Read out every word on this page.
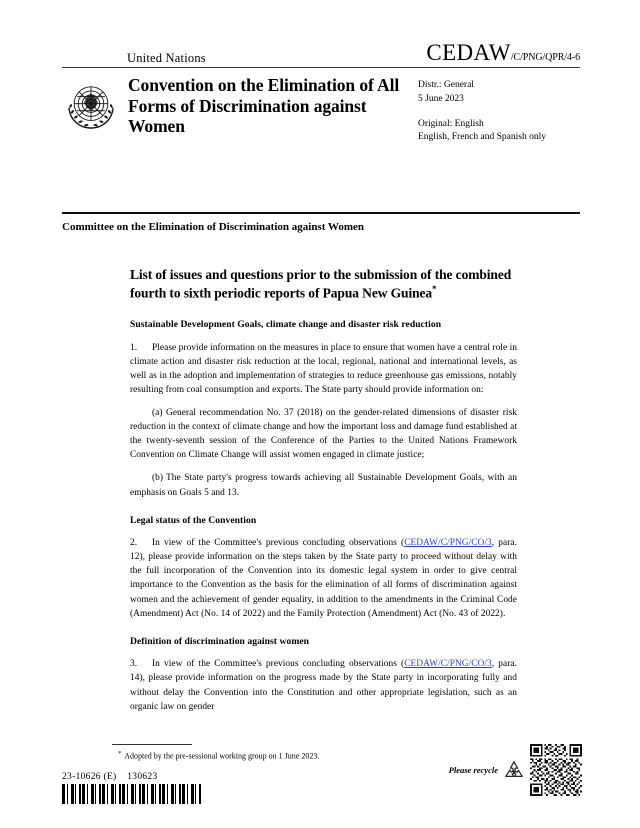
United Nations	CEDAW/C/PNG/QPR/4-6
Convention on the Elimination of All Forms of Discrimination against Women
Distr.: General
5 June 2023
Original: English
English, French and Spanish only
Committee on the Elimination of Discrimination against Women
List of issues and questions prior to the submission of the combined fourth to sixth periodic reports of Papua New Guinea*
Sustainable Development Goals, climate change and disaster risk reduction

1. Please provide information on the measures in place to ensure that women have a central role in climate action and disaster risk reduction at the local, regional, national and international levels, as well as in the adoption and implementation of strategies to reduce greenhouse gas emissions, notably resulting from coal consumption and exports. The State party should provide information on:

(a) General recommendation No. 37 (2018) on the gender-related dimensions of disaster risk reduction in the context of climate change and how the important loss and damage fund established at the twenty-seventh session of the Conference of the Parties to the United Nations Framework Convention on Climate Change will assist women engaged in climate justice;

(b) The State party's progress towards achieving all Sustainable Development Goals, with an emphasis on Goals 5 and 13.

Legal status of the Convention

2. In view of the Committee's previous concluding observations (CEDAW/C/PNG/CO/3, para. 12), please provide information on the steps taken by the State party to proceed without delay with the full incorporation of the Convention into its domestic legal system in order to give central importance to the Convention as the basis for the elimination of all forms of discrimination against women and the achievement of gender equality, in addition to the amendments in the Criminal Code (Amendment) Act (No. 14 of 2022) and the Family Protection (Amendment) Act (No. 43 of 2022).

Definition of discrimination against women

3. In view of the Committee's previous concluding observations (CEDAW/C/PNG/CO/3, para. 14), please provide information on the progress made by the State party in incorporating fully and without delay the Convention into the Constitution and other appropriate legislation, such as an organic law on gender

* Adopted by the pre-sessional working group on 1 June 2023.
23-10626 (E)    130623
Please recycle
